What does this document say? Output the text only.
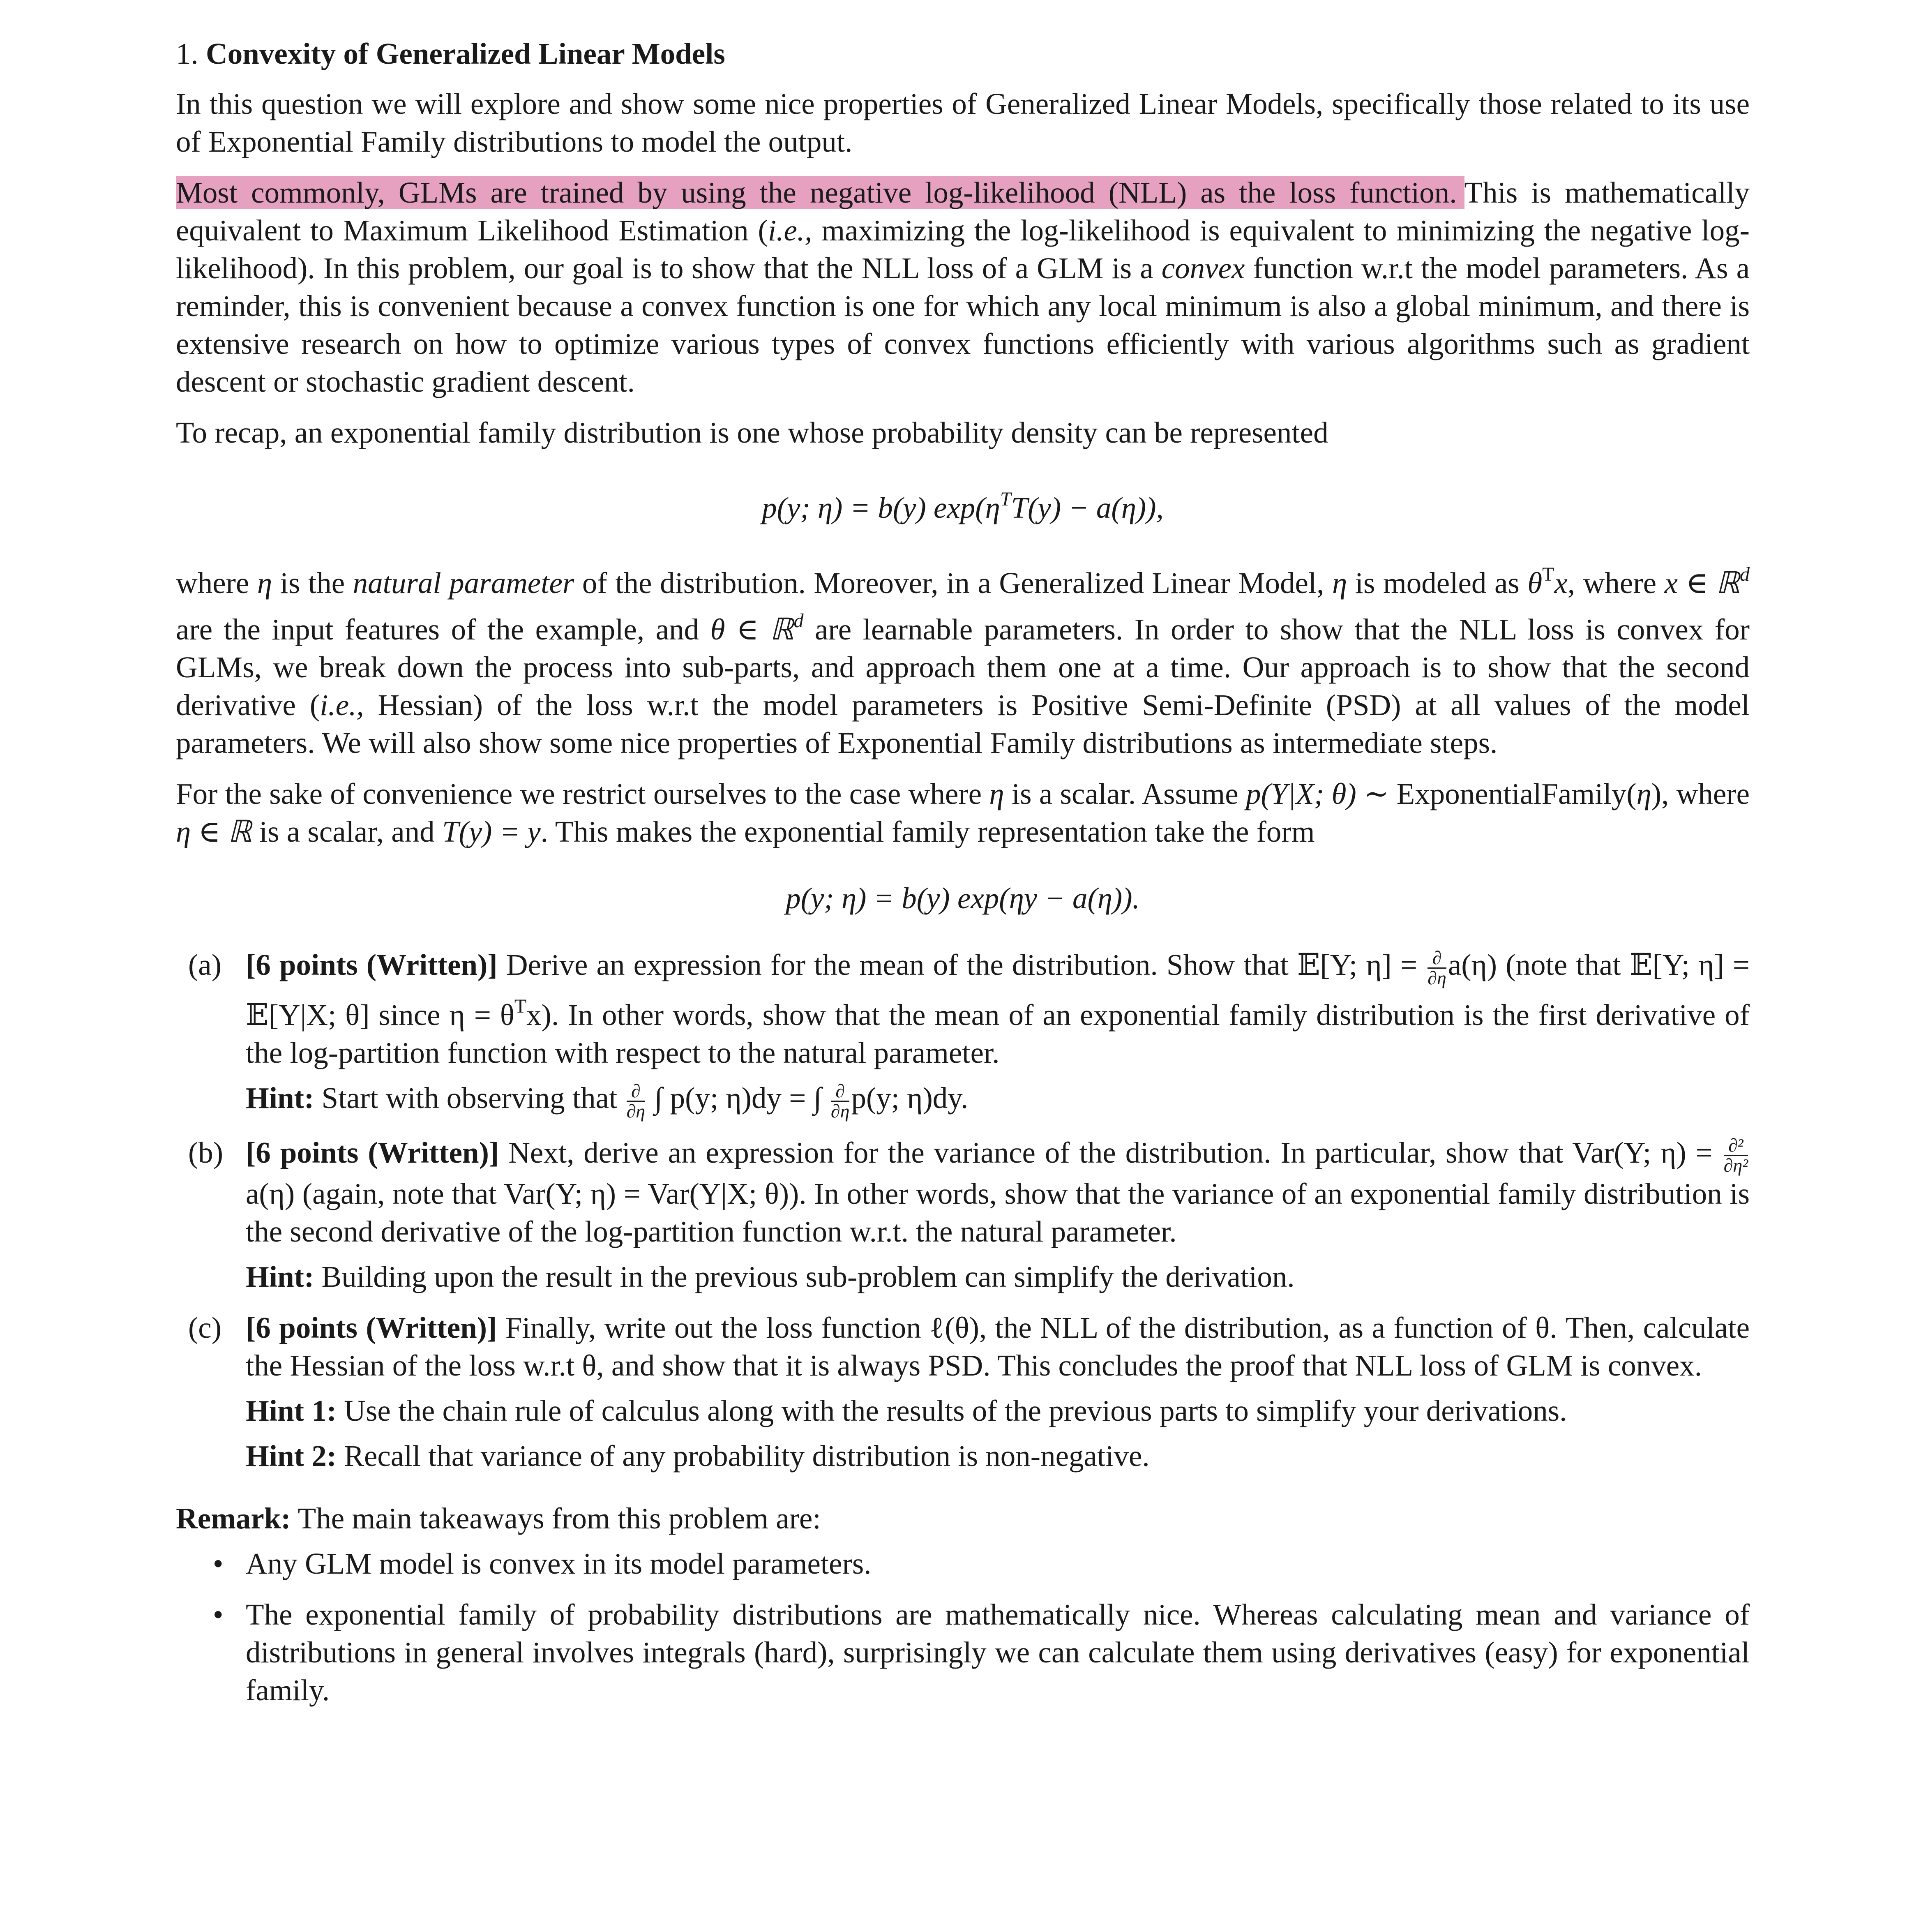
1. Convexity of Generalized Linear Models

In this question we will explore and show some nice properties of Generalized Linear Models, specifically those related to its use of Exponential Family distributions to model the output.

Most commonly, GLMs are trained by using the negative log-likelihood (NLL) as the loss function. This is mathematically equivalent to Maximum Likelihood Estimation (i.e., maximizing the log-likelihood is equivalent to minimizing the negative log-likelihood). In this problem, our goal is to show that the NLL loss of a GLM is a convex function w.r.t the model parameters. As a reminder, this is convenient because a convex function is one for which any local minimum is also a global minimum, and there is extensive research on how to optimize various types of convex functions efficiently with various algorithms such as gradient descent or stochastic gradient descent.

To recap, an exponential family distribution is one whose probability density can be represented

p(y; η) = b(y) $\exp(\eta^TT(y) - a(\eta))$,

where η is the natural parameter of the distribution. Moreover, in a Generalized Linear Model, η is modeled as $\theta^Tx$, where x ∈ ℝ$^d$ are the input features of the example, and θ ∈ ℝ$^d$ are learnable parameters. In order to show that the NLL loss is convex for GLMs, we break down the process into sub-parts, and approach them one at a time. Our approach is to show that the second derivative (i.e., Hessian) of the loss w.r.t the model parameters is Positive Semi-Definite (PSD) at all values of the model parameters. We will also show some nice properties of Exponential Family distributions as intermediate steps.

For the sake of convenience we restrict ourselves to the case where η is a scalar. Assume p(Y|X; θ) ∼ ExponentialFamily(η), where η ∈ ℝ is a scalar, and T(y) = y. This makes the exponential family representation take the form

p(y; η) = b(y) exp(ηy − a(η)).
(a) [6 points (Written)] Derive an expression for the mean of the distribution. Show that 𝔼[Y; $\eta] = \frac{\partial}{\partial\eta} a(\eta)$ (note that 𝔼[Y; η] = 𝔼[Y|X; θ] since $\eta = \theta^Tx$). In other words, show that the mean of an exponential family distribution is the first derivative of the log-partition function with respect to the natural parameter.
Hint: Start with observing that $\frac{\partial}{\partial\eta}$ ∫ p(y; η)dy = ∫ $\frac{\partial}{\partial\eta} p(y$; η)dy.
(b) [6 points (Written)] Next, derive an expression for the variance of the distribution. In particular, show that Var(Y; $\eta) = \frac{\text{∂²}}{\text{∂η²}}$
a(η) (again, note that Var(Y; η) = Var(Y|X; θ)). In other words, show that the variance of an exponential family distribution is the second derivative of the log-partition function w.r.t. the natural parameter.
Hint: Building upon the result in the previous sub-problem can simplify the derivation.
(c) [6 points (Written)] Finally, write out the loss function ℓ(θ), the NLL of the distribution, as a function of θ. Then, calculate the Hessian of the loss w.r.t θ, and show that it is always PSD. This concludes the proof that NLL loss of GLM is convex.
Hint 1: Use the chain rule of calculus along with the results of the previous parts to simplify your derivations.
Hint 2: Recall that variance of any probability distribution is non-negative.
Remark: The main takeaways from this problem are:
• Any GLM model is convex in its model parameters.
• The exponential family of probability distributions are mathematically nice. Whereas calculating mean and variance of distributions in general involves integrals (hard), surprisingly we can calculate them using derivatives (easy) for exponential family.
